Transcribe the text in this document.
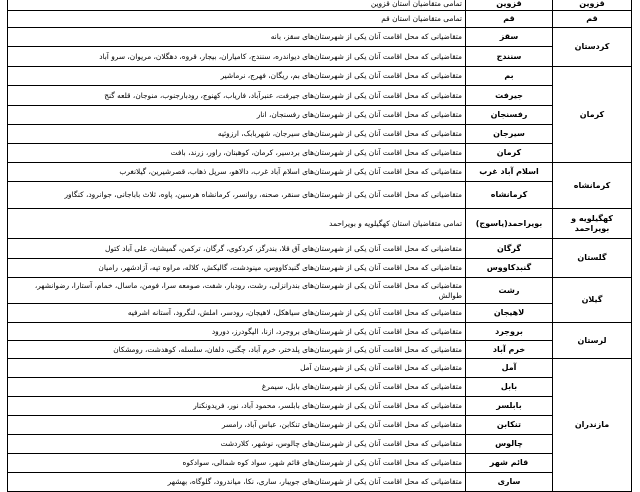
قزوین	قزوین	تمامی متقاضیان استان قزوین
قم	قم	تمامی متقاضیان استان قم
کردستان	سقز	متقاضیانی که محل اقامت آنان یکی از شهرستان‌های سقز، بانه
	سنندج	متقاضیانی که محل اقامت آنان یکی از شهرستان‌های دیواندره، سنندج، کامیاران، بیجار، قروه، دهگلان، مریوان، سرو آباد
کرمان	بم	متقاضیانی که محل اقامت آنان یکی از شهرستان‌های بم، ریگان، فهرج، نرماشیر
	جیرفت	متقاضیانی که محل اقامت آنان یکی از شهرستان‌های جیرفت، عنبرآباد، فاریاب، کهنوج، رودبارجنوب، منوجان، قلعه گنج
	رفسنجان	متقاضیانی که محل اقامت آنان یکی از شهرستان‌های رفسنجان، انار
	سیرجان	متقاضیانی که محل اقامت آنان یکی از شهرستان‌های سیرجان، شهربابک، ارزوئیه
	کرمان	متقاضیانی که محل اقامت آنان یکی از شهرستان‌های بردسیر، کرمان، کوهبنان، راور، زرند، بافت
کرمانشاه	اسلام آباد غرب	متقاضیانی که محل اقامت آنان یکی از شهرستان‌های اسلام آباد غرب، دالاهو، سرپل ذهاب، قصرشیرین، گیلانغرب
	کرمانشاه	متقاضیانی که محل اقامت آنان یکی از شهرستان‌های سنقر، صحنه، روانسر، کرمانشاه هرسین، پاوه، ثلاث باباجانی، جوانرود، کنگاور
کهگیلویه و بویراحمد	بویراحمد(یاسوج)	تمامی متقاضیان استان کهگیلویه و بویراحمد
گلستان	گرگان	متقاضیانی که محل اقامت آنان یکی از شهرستان‌های آق قلا، بندرگز، کردکوی، گرگان، ترکمن، گمیشان، علی آباد کتول
	گنبدکاووس	متقاضیانی که محل اقامت آنان یکی از شهرستان‌های گنبدکاووس، مینودشت، گالیکش، کلاله، مراوه تپه، آزادشهر، رامیان
گیلان	رشت	متقاضیانی که محل اقامت آنان یکی از شهرستان‌های بندرانزلی، رشت، رودبار، شفت، صومعه سرا، فومن، ماسال، خمام، آستارا، رضوانشهر، طوالش
	لاهیجان	متقاضیانی که محل اقامت آنان یکی از شهرستان‌های سیاهکل، لاهیجان، رودسر، املش، لنگرود، آستانه اشرفیه
لرستان	بروجرد	متقاضیانی که محل اقامت آنان یکی از شهرستان‌های بروجرد، ازنا، الیگودرز، دورود
	خرم آباد	متقاضیانی که محل اقامت آنان یکی از شهرستان‌های پلدختر، خرم آباد، چگنی، دلفان، سلسله، کوهدشت، رومشکان
مازندران	آمل	متقاضیانی که محل اقامت آنان یکی از شهرستان آمل
	بابل	متقاضیانی که محل اقامت آنان یکی از شهرستان‌های بابل، سیمرغ
	بابلسر	متقاضیانی که محل اقامت آنان یکی از شهرستان‌های بابلسر، محمود آباد، نور، فریدونکنار
	تنکابن	متقاضیانی که محل اقامت آنان یکی از شهرستان‌های تنکابن، عباس آباد، رامسر
	چالوس	متقاضیانی که محل اقامت آنان یکی از شهرستان‌های چالوس، نوشهر، کلاردشت
	قائم شهر	متقاضیانی که محل اقامت آنان یکی از شهرستان‌های قائم شهر، سواد کوه شمالی، سوادکوه
	ساری	متقاضیانی که محل اقامت آنان یکی از شهرستان‌های جویبار، ساری، نکا، میاندرود، گلوگاه، بهشهر
